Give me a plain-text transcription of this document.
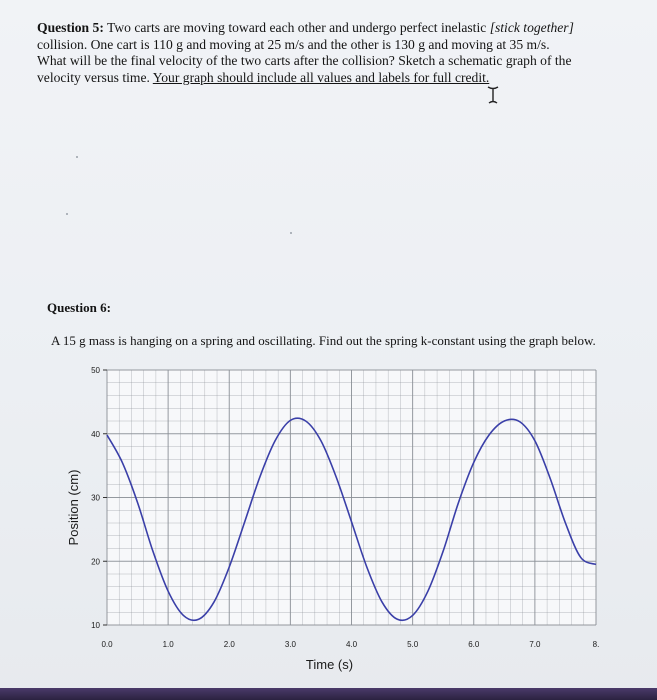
Question 5: Two carts are moving toward each other and undergo perfect inelastic [stick together]
collision. One cart is 110 g and moving at 25 m/s and the other is 130 g and moving at 35 m/s.
What will be the final velocity of the two carts after the collision? Sketch a schematic graph of the
velocity versus time. Your graph should include all values and labels for full credit.
Question 6:
A 15 g mass is hanging on a spring and oscillating. Find out the spring k-constant using the graph below.
10
20
30
40
50
0.0	1.0	2.0	3.0	4.0	5.0	6.0	7.0	8.
Time (s)
Position (cm)
